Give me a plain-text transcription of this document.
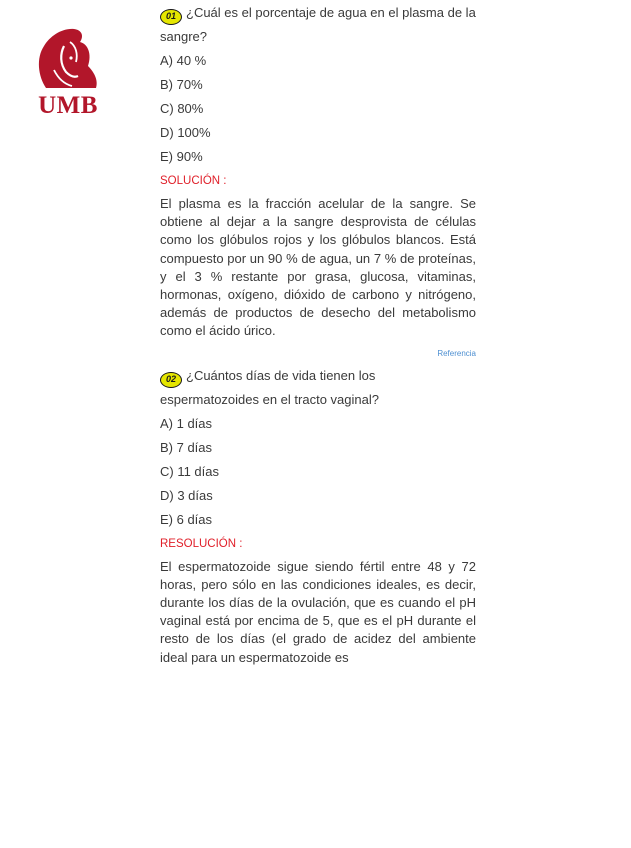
UMB

01 ¿Cuál es el porcentaje de agua en el plasma de la sangre?

A) 40 %

B) 70%

C) 80%

D) 100%

E) 90%

SOLUCIÓN :

El plasma es la fracción acelular de la sangre. Se obtiene al dejar a la sangre desprovista de células como los glóbulos rojos y los glóbulos blancos. Está compuesto por un 90 % de agua, un 7 % de proteínas, y el 3 % restante por grasa, glucosa, vitaminas, hormonas, oxígeno, dióxido de carbono y nitrógeno, además de productos de desecho del metabolismo como el ácido úrico.

Referencia

02 ¿Cuántos días de vida tienen los espermatozoides en el tracto vaginal?

A) 1 días

B) 7 días

C) 11 días

D) 3 días

E) 6 días

RESOLUCIÓN :

El espermatozoide sigue siendo fértil entre 48 y 72 horas, pero sólo en las condiciones ideales, es decir, durante los días de la ovulación, que es cuando el pH vaginal está por encima de 5, que es el pH durante el resto de los días (el grado de acidez del ambiente ideal para un espermatozoide es
